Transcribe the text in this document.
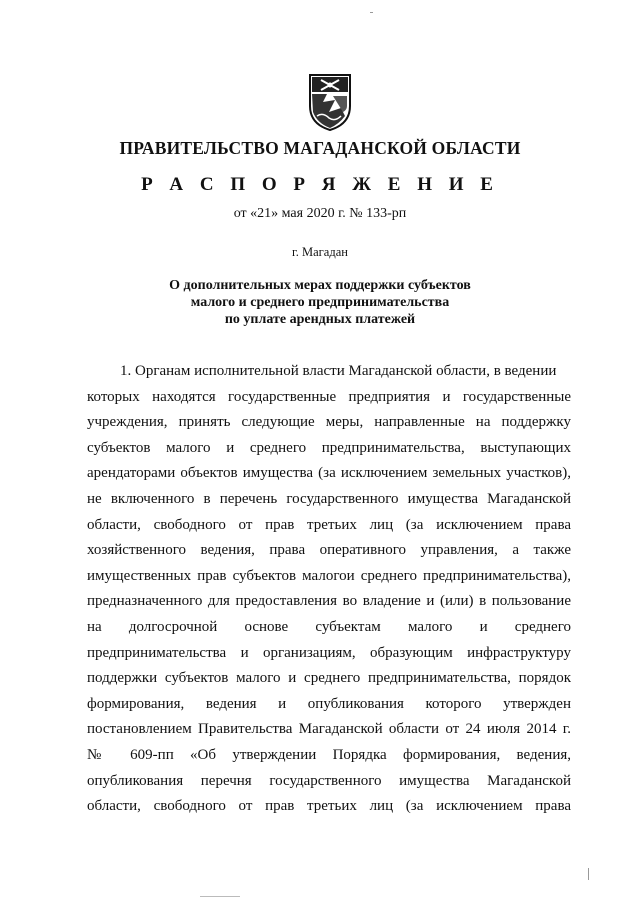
ПРАВИТЕЛЬСТВО МАГАДАНСКОЙ ОБЛАСТИ
Р А С П О Р Я Ж Е Н И Е
от «21» мая 2020 г. № 133-рп
г. Магадан
О дополнительных мерах поддержки субъектов
малого и среднего предпринимательства
по уплате арендных платежей
1. Органам исполнительной власти Магаданской области, в ведении
которых находятся государственные предприятия и государственные
учреждения, принять следующие меры, направленные на поддержку
субъектов малого и среднего предпринимательства, выступающих
арендаторами объектов имущества (за исключением земельных участков),
не включенного в перечень государственного имущества Магаданской
области, свободного от прав третьих лиц (за исключением права
хозяйственного ведения, права оперативного управления, а также
имущественных прав субъектов малогои среднего предпринимательства),
предназначенного для предоставления во владение и (или) в пользование
на долгосрочной основе субъектам малого и среднего
предпринимательства и организациям, образующим инфраструктуру
поддержки субъектов малого и среднего предпринимательства, порядок
формирования, ведения и опубликования которого утвержден
постановлением Правительства Магаданской области от 24 июля 2014 г.
№ 609-пп «Об утверждении Порядка формирования, ведения,
опубликования перечня государственного имущества Магаданской
области, свободного от прав третьих лиц (за исключением права
